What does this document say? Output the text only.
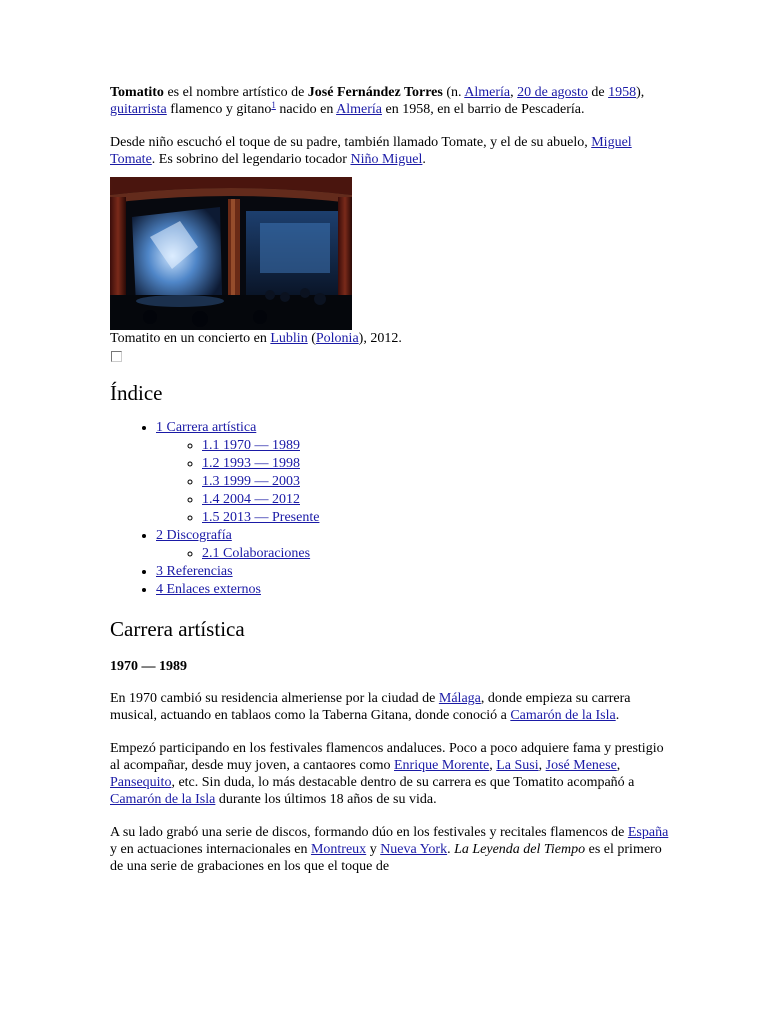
Tomatito es el nombre artístico de José Fernández Torres (n. Almería, 20 de agosto de 1958), guitarrista flamenco y gitano$^1$ nacido en Almería en 1958, en el barrio de Pescadería.

Desde niño escuchó el toque de su padre, también llamado Tomate, y el de su abuelo, Miguel Tomate. Es sobrino del legendario tocador Niño Miguel.

Tomatito en un concierto en Lublin (Polonia), 2012.

Índice
• 1 Carrera artística
◦ 1.1 1970 — 1989
◦ 1.2 1993 — 1998
◦ 1.3 1999 — 2003
◦ 1.4 2004 — 2012
◦ 1.5 2013 — Presente
• 2 Discografía
◦ 2.1 Colaboraciones
• 3 Referencias
• 4 Enlaces externos
Carrera artística
1970 — 1989

En 1970 cambió su residencia almeriense por la ciudad de Málaga, donde empieza su carrera musical, actuando en tablaos como la Taberna Gitana, donde conoció a Camarón de la Isla.

Empezó participando en los festivales flamencos andaluces. Poco a poco adquiere fama y prestigio al acompañar, desde muy joven, a cantaores como Enrique Morente, La Susi, José Menese, Pansequito, etc. Sin duda, lo más destacable dentro de su carrera es que Tomatito acompañó a Camarón de la Isla durante los últimos 18 años de su vida.

A su lado grabó una serie de discos, formando dúo en los festivales y recitales flamencos de España y en actuaciones internacionales en Montreux y Nueva York. La Leyenda del Tiempo es el primero de una serie de grabaciones en los que el toque de
